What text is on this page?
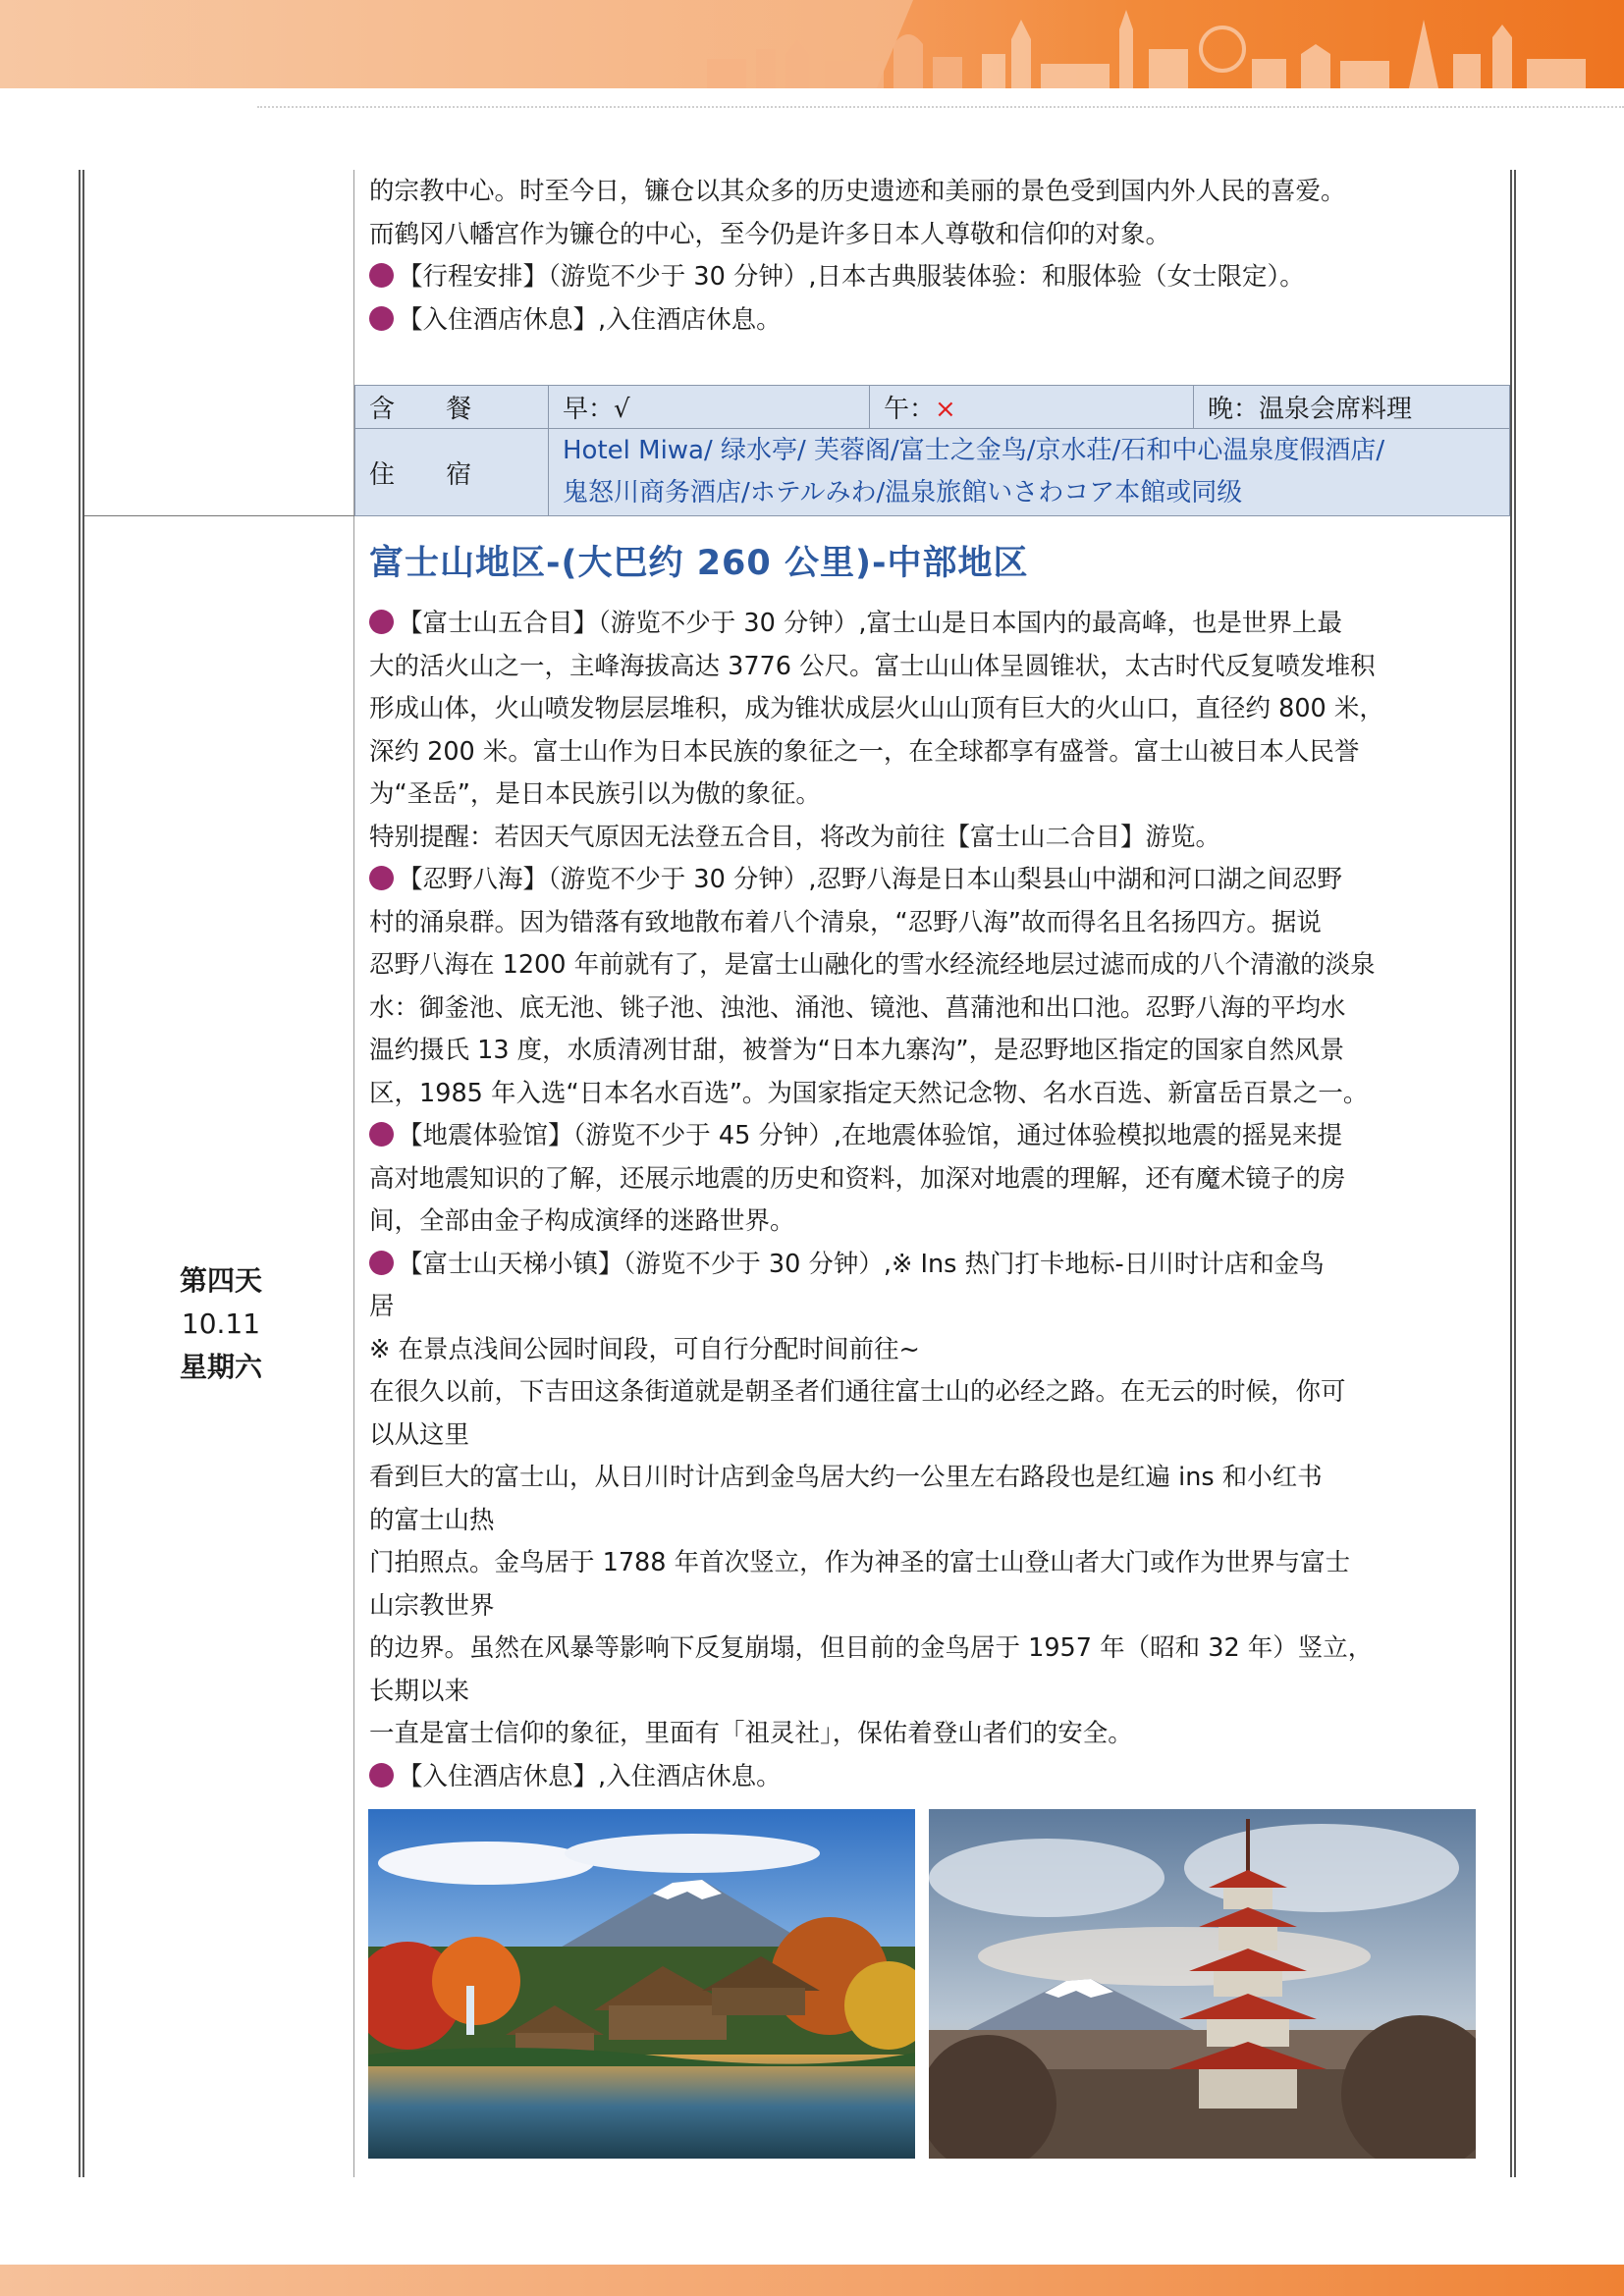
的宗教中心。时至今日，镰仓以其众多的历史遗迹和美丽的景色受到国内外人民的喜爱。
而鹤冈八幡宫作为镰仓的中心，至今仍是许多日本人尊敬和信仰的对象。
【行程安排】（游览不少于 30 分钟）,日本古典服装体验：和服体验（女士限定）。
【入住酒店休息】,入住酒店休息。
含 餐	早：√	午：×	晚：温泉会席料理
住 宿	Hotel Miwa/ 绿水亭/ 芙蓉阁/富士之金鸟/京水荘/石和中心温泉度假酒店/
鬼怒川商务酒店/ホテルみわ/温泉旅館いさわコア本館或同级		
第四天
10.11
星期六
富士山地区-(大巴约 260 公里)-中部地区
【富士山五合目】（游览不少于 30 分钟）,富士山是日本国内的最高峰，也是世界上最
大的活火山之一，主峰海拔高达 3776 公尺。富士山山体呈圆锥状，太古时代反复喷发堆积
形成山体，火山喷发物层层堆积，成为锥状成层火山山顶有巨大的火山口，直径约 800 米，
深约 200 米。富士山作为日本民族的象征之一，在全球都享有盛誉。富士山被日本人民誉
为“圣岳”，是日本民族引以为傲的象征。
特别提醒：若因天气原因无法登五合目，将改为前往【富士山二合目】游览。
【忍野八海】（游览不少于 30 分钟）,忍野八海是日本山梨县山中湖和河口湖之间忍野
村的涌泉群。因为错落有致地散布着八个清泉，“忍野八海”故而得名且名扬四方。据说
忍野八海在 1200 年前就有了，是富士山融化的雪水经流经地层过滤而成的八个清澈的淡泉
水：御釜池、底无池、铫子池、浊池、涌池、镜池、菖蒲池和出口池。忍野八海的平均水
温约摄氏 13 度，水质清冽甘甜，被誉为“日本九寨沟”，是忍野地区指定的国家自然风景
区，1985 年入选“日本名水百选”。为国家指定天然记念物、名水百选、新富岳百景之一。
【地震体验馆】（游览不少于 45 分钟）,在地震体验馆，通过体验模拟地震的摇晃来提
高对地震知识的了解，还展示地震的历史和资料，加深对地震的理解，还有魔术镜子的房
间，全部由金子构成演绎的迷路世界。
【富士山天梯小镇】（游览不少于 30 分钟）,※ Ins 热门打卡地标-日川时计店和金鸟
居
※ 在景点浅间公园时间段，可自行分配时间前往~
在很久以前，下吉田这条街道就是朝圣者们通往富士山的必经之路。在无云的时候，你可
以从这里
看到巨大的富士山，从日川时计店到金鸟居大约一公里左右路段也是红遍 ins 和小红书
的富士山热
门拍照点。金鸟居于 1788 年首次竖立，作为神圣的富士山登山者大门或作为世界与富士
山宗教世界
的边界。虽然在风暴等影响下反复崩塌，但目前的金鸟居于 1957 年（昭和 32 年）竖立，
长期以来
一直是富士信仰的象征，里面有「祖灵社」，保佑着登山者们的安全。
【入住酒店休息】,入住酒店休息。
